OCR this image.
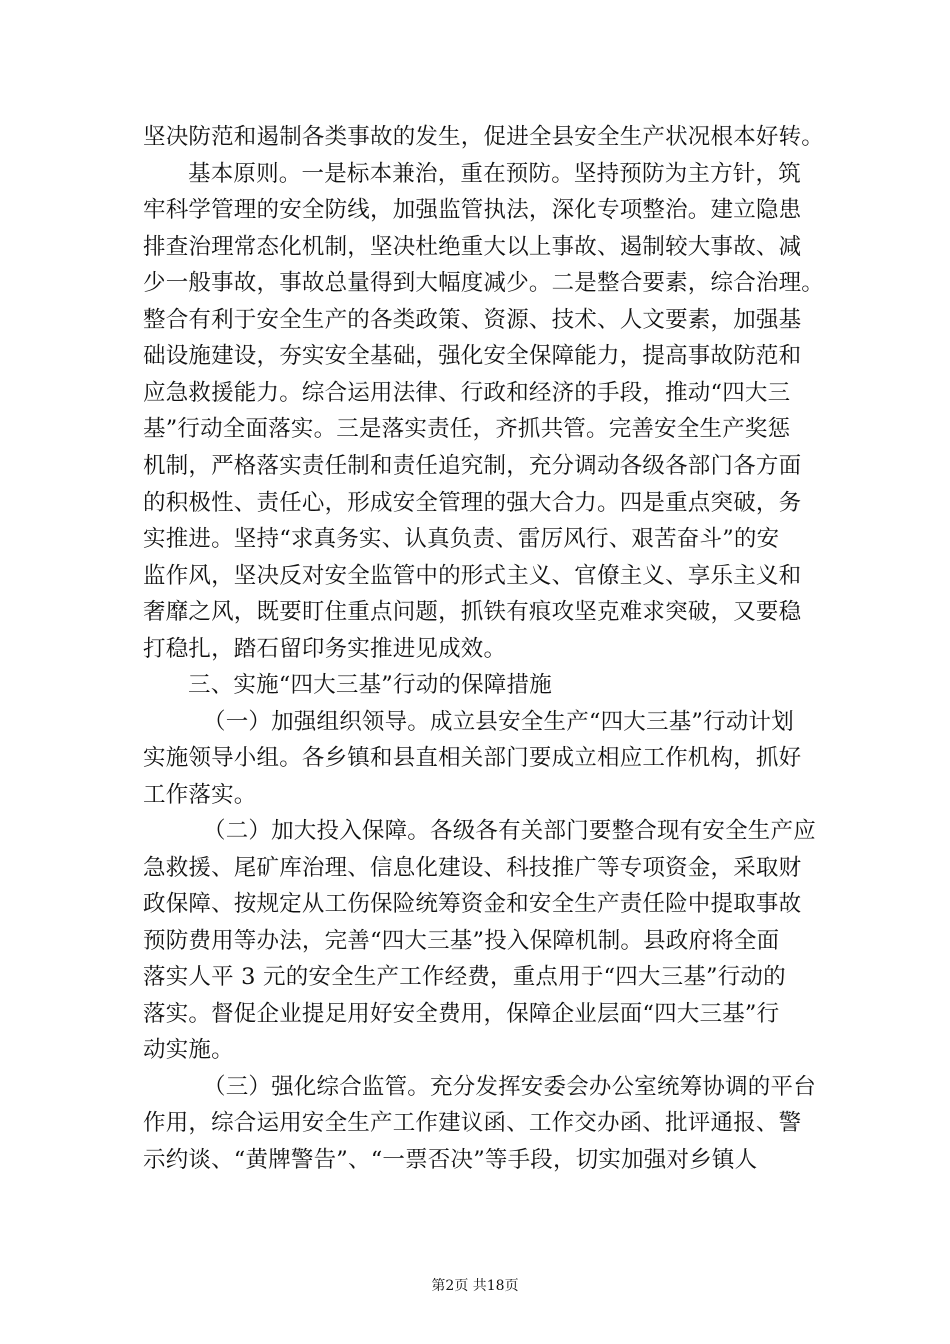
坚决防范和遏制各类事故的发生，促进全县安全生产状况根本好转。
基本原则。一是标本兼治，重在预防。坚持预防为主方针，筑
牢科学管理的安全防线，加强监管执法，深化专项整治。建立隐患
排查治理常态化机制，坚决杜绝重大以上事故、遏制较大事故、减
少一般事故，事故总量得到大幅度减少。二是整合要素，综合治理。
整合有利于安全生产的各类政策、资源、技术、人文要素，加强基
础设施建设，夯实安全基础，强化安全保障能力，提高事故防范和
应急救援能力。综合运用法律、行政和经济的手段，推动“四大三
基”行动全面落实。三是落实责任，齐抓共管。完善安全生产奖惩
机制，严格落实责任制和责任追究制，充分调动各级各部门各方面
的积极性、责任心，形成安全管理的强大合力。四是重点突破，务
实推进。坚持“求真务实、认真负责、雷厉风行、艰苦奋斗”的安
监作风，坚决反对安全监管中的形式主义、官僚主义、享乐主义和
奢靡之风，既要盯住重点问题，抓铁有痕攻坚克难求突破，又要稳
打稳扎，踏石留印务实推进见成效。
三、实施“四大三基”行动的保障措施
（一）加强组织领导。成立县安全生产“四大三基”行动计划
实施领导小组。各乡镇和县直相关部门要成立相应工作机构，抓好
工作落实。
（二）加大投入保障。各级各有关部门要整合现有安全生产应
急救援、尾矿库治理、信息化建设、科技推广等专项资金，采取财
政保障、按规定从工伤保险统筹资金和安全生产责任险中提取事故
预防费用等办法，完善“四大三基”投入保障机制。县政府将全面
落实人平 3 元的安全生产工作经费，重点用于“四大三基”行动的
落实。督促企业提足用好安全费用，保障企业层面“四大三基”行
动实施。
（三）强化综合监管。充分发挥安委会办公室统筹协调的平台
作用，综合运用安全生产工作建议函、工作交办函、批评通报、警
示约谈、“黄牌警告”、“一票否决”等手段，切实加强对乡镇人
第2页 共18页
